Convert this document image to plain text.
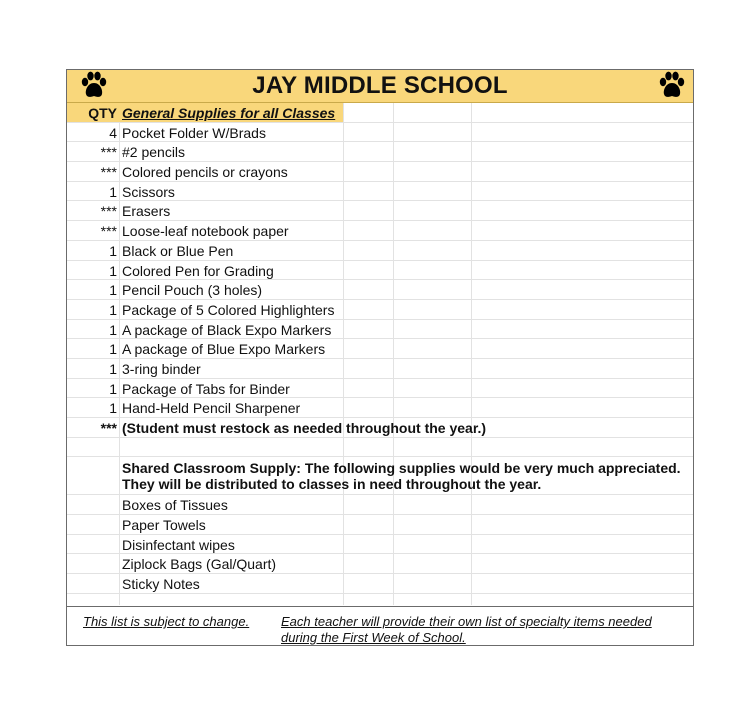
JAY MIDDLE SCHOOL
QTY General Supplies for all Classes
4 Pocket Folder W/Brads
*** #2 pencils
*** Colored pencils or crayons
1 Scissors
*** Erasers
*** Loose-leaf notebook paper
1 Black or Blue Pen
1 Colored Pen for Grading
1 Pencil Pouch (3 holes)
1 Package of 5 Colored Highlighters
1 A package of Black Expo Markers
1 A package of Blue Expo Markers
1 3-ring binder
1 Package of Tabs for Binder
1 Hand-Held Pencil Sharpener
*** (Student must restock as needed throughout the year.)
Shared Classroom Supply: The following supplies would be very much appreciated.
They will be distributed to classes in need throughout the year.
Boxes of Tissues
Paper Towels
Disinfectant wipes
Ziplock Bags (Gal/Quart)
Sticky Notes
This list is subject to change. Each teacher will provide their own list of specialty items needed during the First Week of School.
